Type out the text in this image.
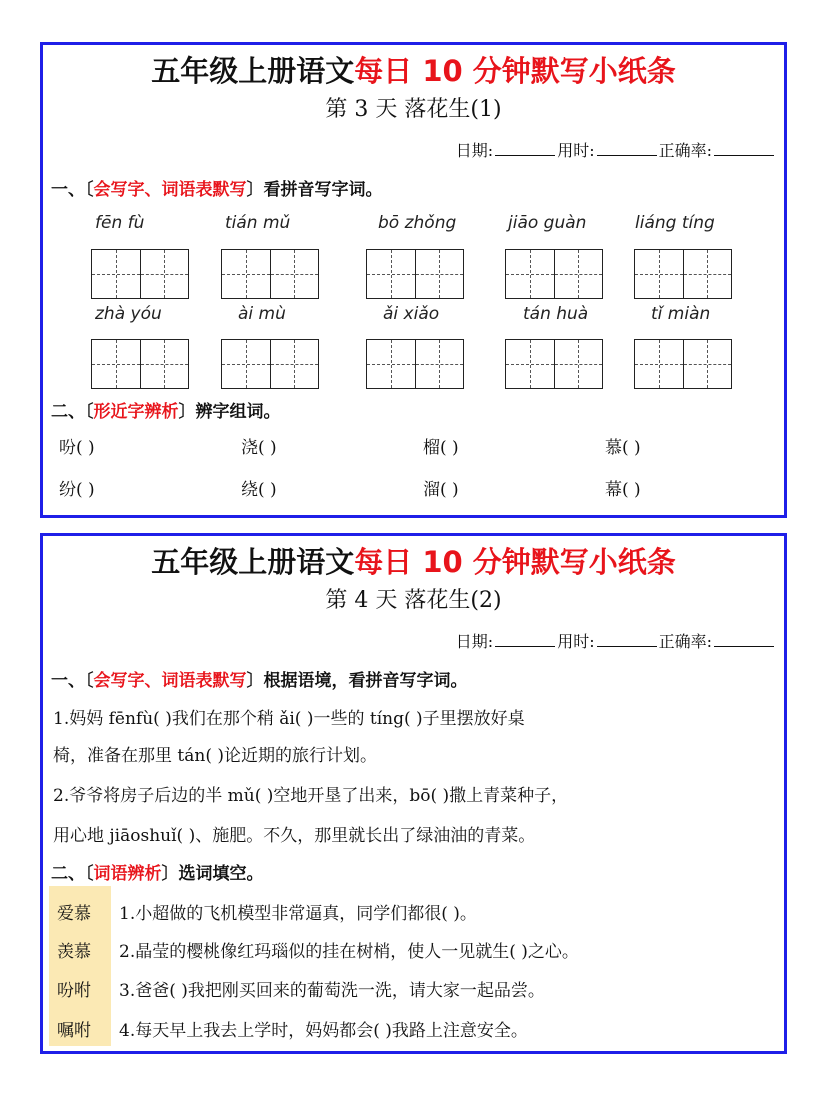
五年级上册语文每日 10 分钟默写小纸条
第 3 天 落花生(1)
日期:	用时:	正确率:
一、〔会写字、词语表默写〕看拼音写字词。
fēn fù	tián mǔ	bō zhǒng	jiāo guàn	liáng tíng
zhà yóu	ài mù	ǎi xiǎo	tán huà	tǐ miàn
二、〔形近字辨析〕辨字组词。
吩( )	浇( )	榴( )	慕( )
纷( )	绕( )	溜( )	幕( )
五年级上册语文每日 10 分钟默写小纸条
第 4 天 落花生(2)
日期:	用时:	正确率:
一、〔会写字、词语表默写〕根据语境，看拼音写字词。
1.妈妈 fēnfù( )我们在那个稍 ǎi( )一些的 tíng( )子里摆放好桌
椅，准备在那里 tán( )论近期的旅行计划。
2.爷爷将房子后边的半 mǔ( )空地开垦了出来，bō( )撒上青菜种子，
用心地 jiāoshuǐ( )、施肥。不久，那里就长出了绿油油的青菜。
二、〔词语辨析〕选词填空。
爱慕
羡慕
吩咐
嘱咐
1.小超做的飞机模型非常逼真，同学们都很( )。
2.晶莹的樱桃像红玛瑙似的挂在树梢，使人一见就生( )之心。
3.爸爸( )我把刚买回来的葡萄洗一洗，请大家一起品尝。
4.每天早上我去上学时，妈妈都会( )我路上注意安全。
